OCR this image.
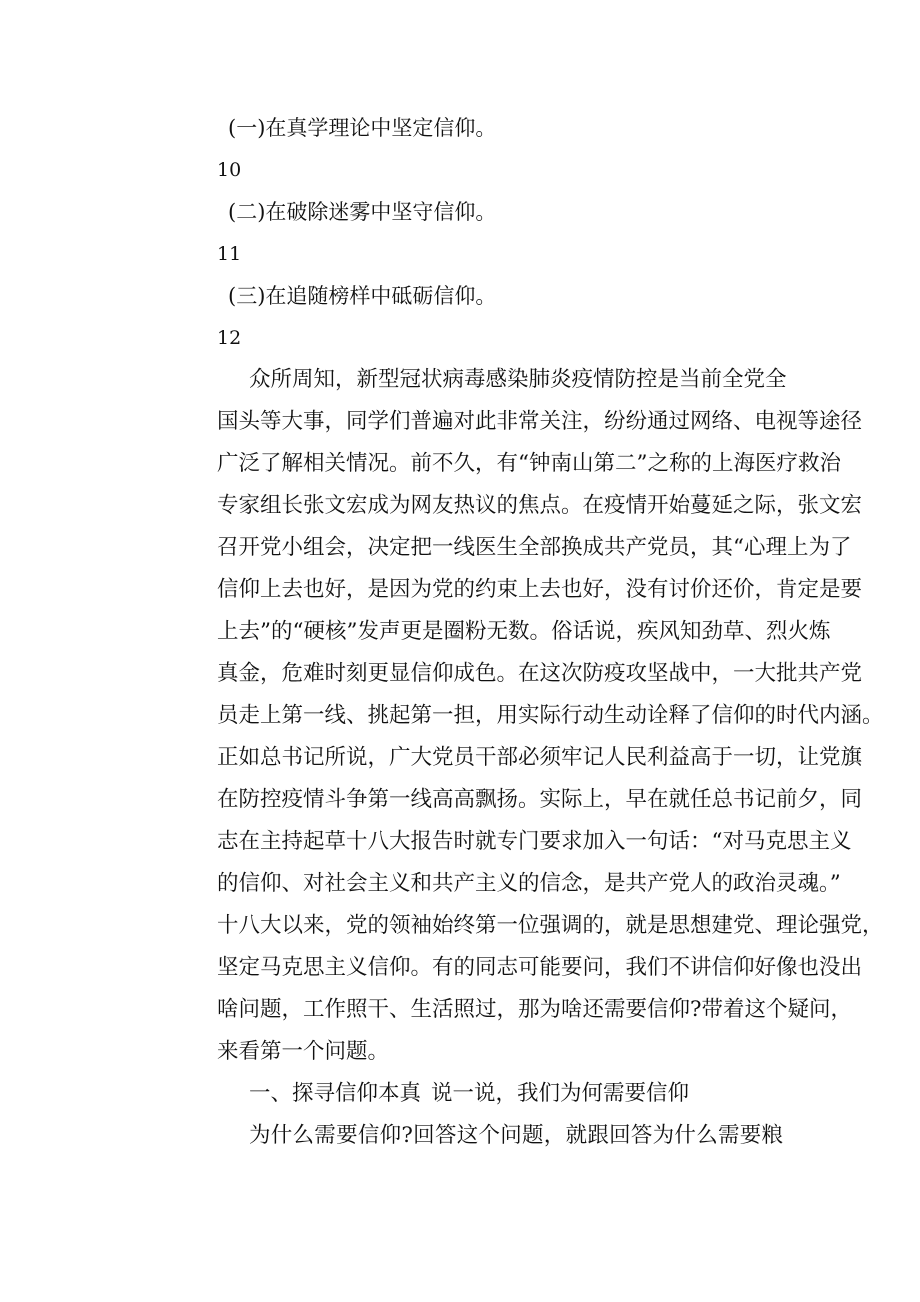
(一)在真学理论中坚定信仰。
10
(二)在破除迷雾中坚守信仰。
11
(三)在追随榜样中砥砺信仰。
12
众所周知，新型冠状病毒感染肺炎疫情防控是当前全党全
国头等大事，同学们普遍对此非常关注，纷纷通过网络、电视等途径
广泛了解相关情况。前不久，有“钟南山第二”之称的上海医疗救治
专家组长张文宏成为网友热议的焦点。在疫情开始蔓延之际，张文宏
召开党小组会，决定把一线医生全部换成共产党员，其“心理上为了
信仰上去也好，是因为党的约束上去也好，没有讨价还价，肯定是要
上去”的“硬核”发声更是圈粉无数。俗话说，疾风知劲草、烈火炼
真金，危难时刻更显信仰成色。在这次防疫攻坚战中，一大批共产党
员走上第一线、挑起第一担，用实际行动生动诠释了信仰的时代内涵。
正如总书记所说，广大党员干部必须牢记人民利益高于一切，让党旗
在防控疫情斗争第一线高高飘扬。实际上，早在就任总书记前夕，同
志在主持起草十八大报告时就专门要求加入一句话：“对马克思主义
的信仰、对社会主义和共产主义的信念，是共产党人的政治灵魂。”
十八大以来，党的领袖始终第一位强调的，就是思想建党、理论强党，
坚定马克思主义信仰。有的同志可能要问，我们不讲信仰好像也没出
啥问题，工作照干、生活照过，那为啥还需要信仰?带着这个疑问，
来看第一个问题。
一、探寻信仰本真 说一说，我们为何需要信仰
为什么需要信仰?回答这个问题，就跟回答为什么需要粮
